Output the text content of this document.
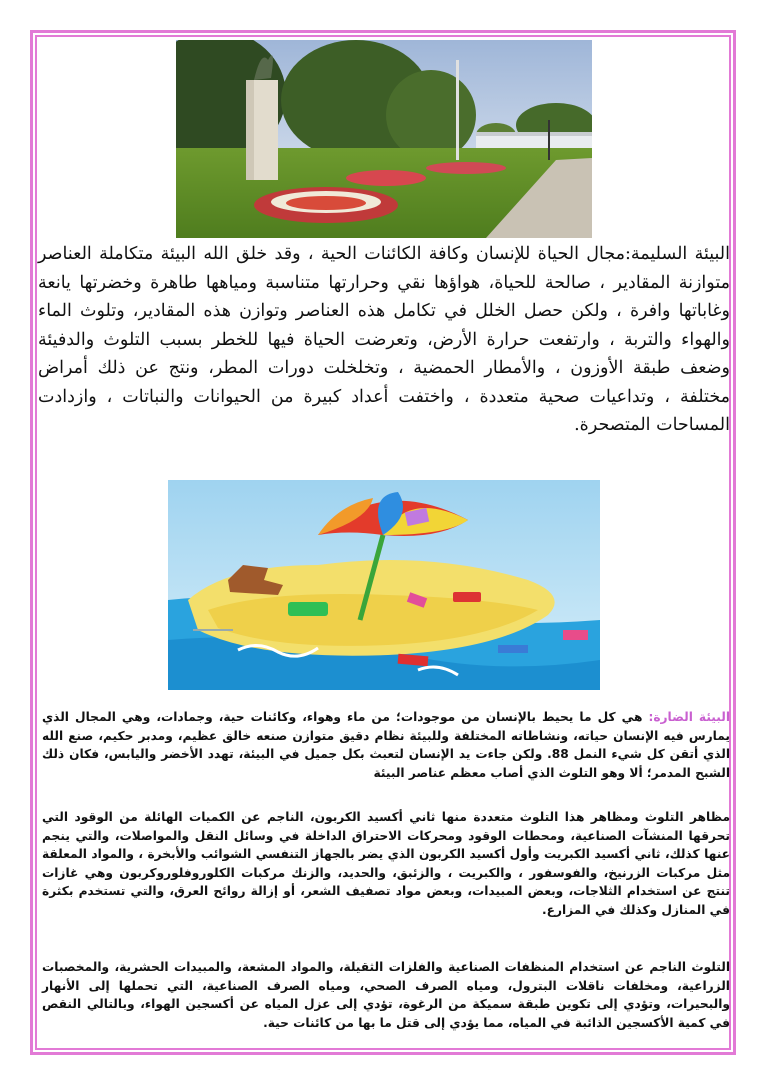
البيئة السليمة:مجال الحياة للإنسان وكافة الكائنات الحية ، وقد خلق الله البيئة متكاملة العناصر متوازنة المقادير ، صالحة للحياة، هواؤها نقي وحرارتها متناسبة ومياهها طاهرة وخضرتها يانعة وغاباتها وافرة ، ولكن حصل الخلل في تكامل هذه العناصر وتوازن هذه المقادير، وتلوث الماء والهواء والتربة ، وارتفعت حرارة الأرض، وتعرضت الحياة فيها للخطر بسبب التلوث والدفيئة وضعف طبقة الأوزون ، والأمطار الحمضية ، وتخلخلت دورات المطر، ونتج عن ذلك أمراض مختلفة ، وتداعيات صحية متعددة ، واختفت أعداد كبيرة من الحيوانات والنباتات ، وازدادت المساحات المتصحرة.

البيئة الضارة: هي كل ما يحيط بالإنسان من موجودات؛ من ماء وهواء، وكائنات حية، وجمادات، وهي المجال الذي يمارس فيه الإنسان حياته، ونشاطاته المختلفة وللبيئة نظام دقيق متوازن صنعه خالق عظيم، ومدبر حكيم، صنع الله الذي أتقن كل شيء النمل 88. ولكن جاءت يد الإنسان لتعبث بكل جميل في البيئة، تهدد الأخضر واليابس، فكان ذلك الشبح المدمر؛ ألا وهو التلوث الذي أصاب معظم عناصر البيئة

مظاهر التلوث ومظاهر هذا التلوث متعددة منها ثاني أكسيد الكربون، الناجم عن الكميات الهائلة من الوقود التي تحرقها المنشآت الصناعية، ومحطات الوقود ومحركات الاحتراق الداخلة في وسائل النقل والمواصلات، والتي ينجم عنها كذلك، ثاني أكسيد الكبريت وأول أكسيد الكربون الذي يضر بالجهاز التنفسي الشوائب والأبخرة ، والمواد المعلقة مثل مركبات الزرنيخ، والفوسفور ، والكبريت ، والزئبق، والحديد، والزنك مركبات الكلوروفلوروكربون وهي غازات تنتج عن استخدام الثلاجات، وبعض المبيدات، وبعض مواد تصفيف الشعر، أو إزالة روائح العرق، والتي تستخدم بكثرة في المنازل وكذلك في المزارع.

التلوث الناجم عن استخدام المنظفات الصناعية والفلزات الثقيلة، والمواد المشعة، والمبيدات الحشرية، والمخصبات الزراعية، ومخلفات ناقلات البترول، ومياه الصرف الصحي، ومياه الصرف الصناعية، التي تحملها إلى الأنهار والبحيرات، وتؤدي إلى تكوين طبقة سميكة من الرغوة، تؤدي إلى عزل المياه عن أكسجين الهواء، وبالتالي النقص في كمية الأكسجين الذائبة في المياه، مما يؤدي إلى قتل ما بها من كائنات حية.
